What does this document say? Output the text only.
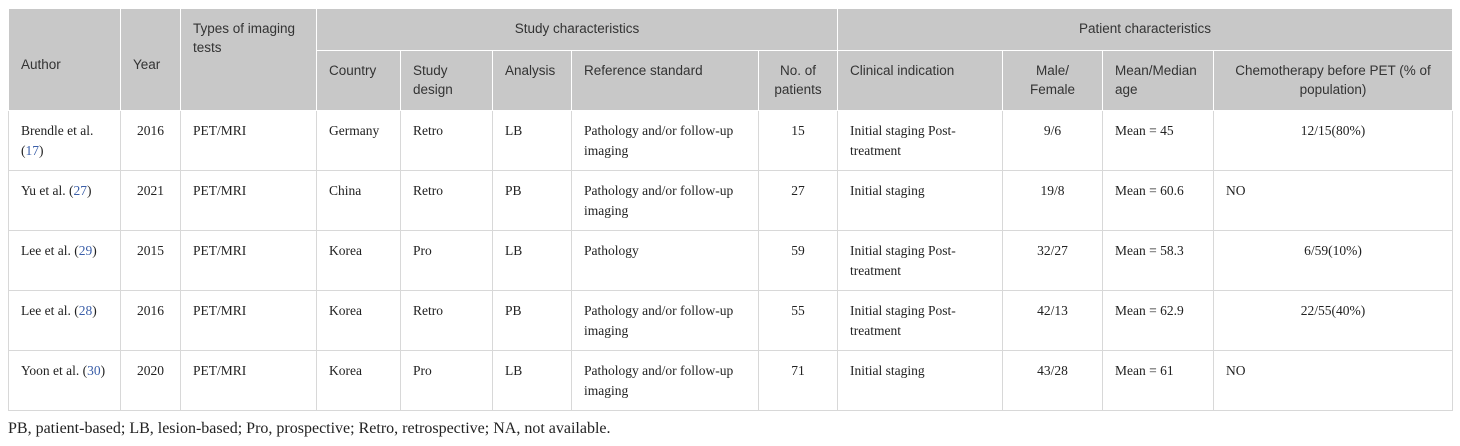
Author	Year	Types of imaging tests	Study characteristics					Patient characteristics			
			Country	Study design	Analysis	Reference standard	No. of patients	Clinical indication	Male/ Female	Mean/Median age	Chemotherapy before PET (% of population)
Brendle et al. (17)	2016	PET/MRI	Germany	Retro	LB	Pathology and/or follow-up imaging	15	Initial staging Post-treatment	9/6	Mean = 45	12/15(80%)
Yu et al. (27)	2021	PET/MRI	China	Retro	PB	Pathology and/or follow-up imaging	27	Initial staging	19/8	Mean = 60.6	NO
Lee et al. (29)	2015	PET/MRI	Korea	Pro	LB	Pathology	59	Initial staging Post-treatment	32/27	Mean = 58.3	6/59(10%)
Lee et al. (28)	2016	PET/MRI	Korea	Retro	PB	Pathology and/or follow-up imaging	55	Initial staging Post-treatment	42/13	Mean = 62.9	22/55(40%)
Yoon et al. (30)	2020	PET/MRI	Korea	Pro	LB	Pathology and/or follow-up imaging	71	Initial staging	43/28	Mean = 61	NO
PB, patient-based; LB, lesion-based; Pro, prospective; Retro, retrospective; NA, not available.
